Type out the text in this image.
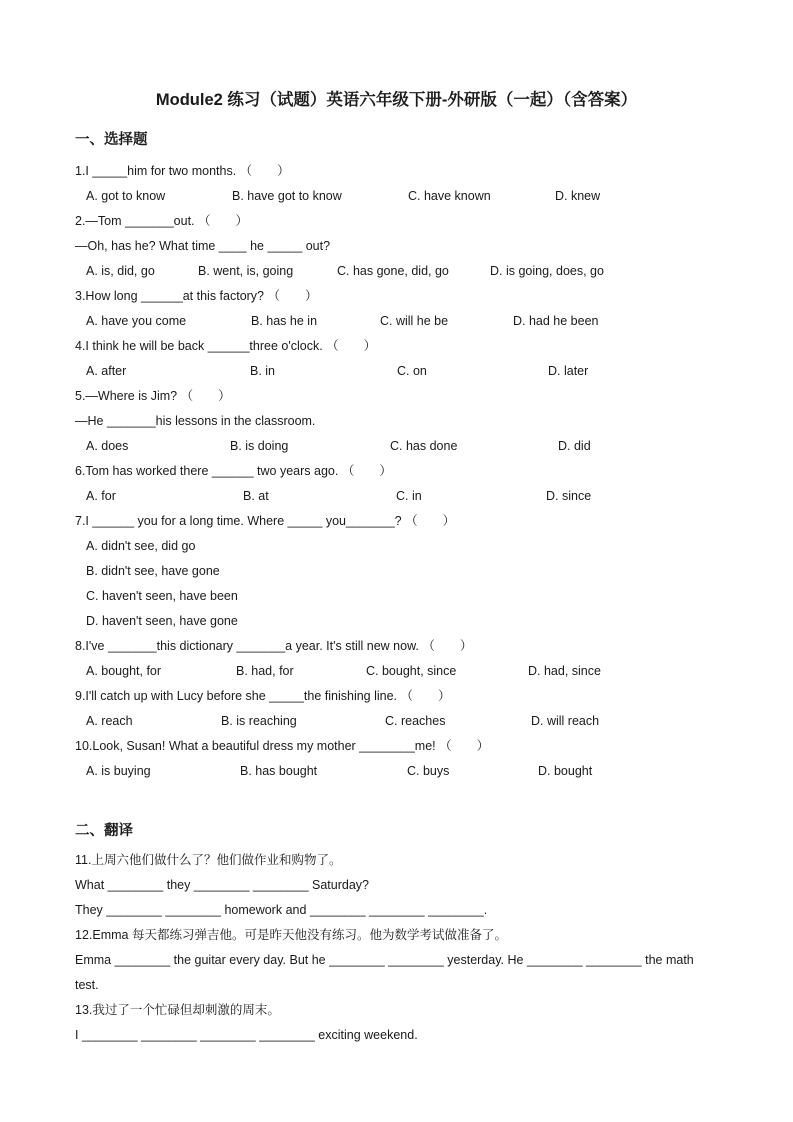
Module2 练习（试题）英语六年级下册-外研版（一起）（含答案）
一、选择题
1.I _____him for two months. （　　）
A. got to know	B. have got to know	C. have known	D. knew
2.—Tom _______out. （　　）
—Oh, has he? What time ____ he _____ out?
A. is, did, go	B. went, is, going	C. has gone, did, go	D. is going, does, go
3.How long ______at this factory? （　　）
A. have you come	B. has he in	C. will he be	D. had he been
4.I think he will be back ______three o'clock. （　　）
A. after	B. in	C. on	D. later
5.—Where is Jim? （　　）
—He _______his lessons in the classroom.
A. does	B. is doing	C. has done	D. did
6.Tom has worked there ______ two years ago. （　　）
A. for	B. at	C. in	D. since
7.I ______ you for a long time. Where _____ you_______? （　　）
A. didn't see, did go
B. didn't see, have gone
C. haven't seen, have been
D. haven't seen, have gone
8.I've _______this dictionary _______a year. It's still new now. （　　）
A. bought, for	B. had, for	C. bought, since	D. had, since
9.I'll catch up with Lucy before she _____the finishing line. （　　）
A. reach	B. is reaching	C. reaches	D. will reach
10.Look, Susan! What a beautiful dress my mother ________me! （　　）
A. is buying	B. has bought	C. buys	D. bought
二、翻译
11.上周六他们做什么了？他们做作业和购物了。
What ________ they ________ ________ Saturday?
They ________ ________ homework and ________ ________ ________.
12.Emma 每天都练习弹吉他。可是昨天他没有练习。他为数学考试做准备了。
Emma ________ the guitar every day. But he ________ ________ yesterday. He ________ ________ the math
test.
13.我过了一个忙碌但却刺激的周末。
I ________ ________ ________ ________ exciting weekend.
